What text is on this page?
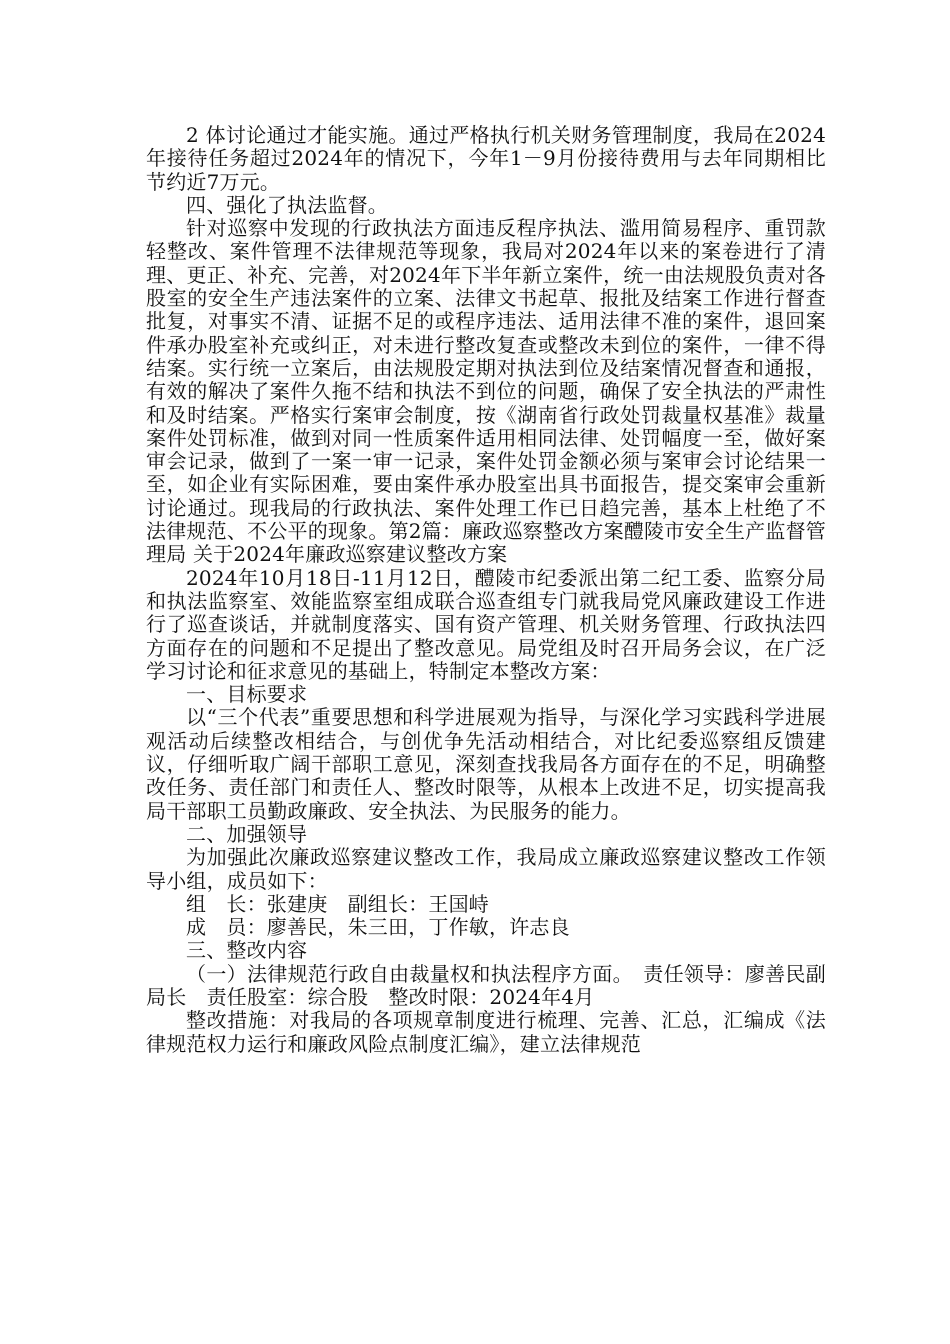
2 体讨论通过才能实施。通过严格执行机关财务管理制度，我局在2024年接待任务超过2024年的情况下，今年1－9月份接待费用与去年同期相比节约近7万元。

四、强化了执法监督。

针对巡察中发现的行政执法方面违反程序执法、滥用简易程序、重罚款轻整改、案件管理不法律规范等现象，我局对2024年以来的案卷进行了清理、更正、补充、完善，对2024年下半年新立案件，统一由法规股负责对各股室的安全生产违法案件的立案、法律文书起草、报批及结案工作进行督查批复，对事实不清、证据不足的或程序违法、适用法律不准的案件，退回案件承办股室补充或纠正，对未进行整改复查或整改未到位的案件，一律不得结案。实行统一立案后，由法规股定期对执法到位及结案情况督查和通报，有效的解决了案件久拖不结和执法不到位的问题，确保了安全执法的严肃性和及时结案。严格实行案审会制度，按《湖南省行政处罚裁量权基准》裁量案件处罚标准，做到对同一性质案件适用相同法律、处罚幅度一至，做好案审会记录，做到了一案一审一记录，案件处罚金额必须与案审会讨论结果一至，如企业有实际困难，要由案件承办股室出具书面报告，提交案审会重新讨论通过。现我局的行政执法、案件处理工作已日趋完善，基本上杜绝了不法律规范、不公平的现象。第2篇：廉政巡察整改方案醴陵市安全生产监督管理局 关于2024年廉政巡察建议整改方案

2024年10月18日-11月12日，醴陵市纪委派出第二纪工委、监察分局和执法监察室、效能监察室组成联合巡查组专门就我局党风廉政建设工作进行了巡查谈话，并就制度落实、国有资产管理、机关财务管理、行政执法四方面存在的问题和不足提出了整改意见。局党组及时召开局务会议，在广泛学习讨论和征求意见的基础上，特制定本整改方案：

一、目标要求

以“三个代表”重要思想和科学进展观为指导，与深化学习实践科学进展观活动后续整改相结合，与创优争先活动相结合，对比纪委巡察组反馈建议，仔细听取广阔干部职工意见，深刻查找我局各方面存在的不足，明确整改任务、责任部门和责任人、整改时限等，从根本上改进不足，切实提高我局干部职工员勤政廉政、安全执法、为民服务的能力。

二、加强领导

为加强此次廉政巡察建议整改工作，我局成立廉政巡察建议整改工作领导小组，成员如下：

组　长：张建庚　副组长：王国峙

成　员：廖善民，朱三田，丁作敏，许志良

三、整改内容

（一）法律规范行政自由裁量权和执法程序方面。　责任领导：廖善民副局长　责任股室：综合股　整改时限：2024年4月

整改措施：对我局的各项规章制度进行梳理、完善、汇总，汇编成《法律规范权力运行和廉政风险点制度汇编》，建立法律规范
